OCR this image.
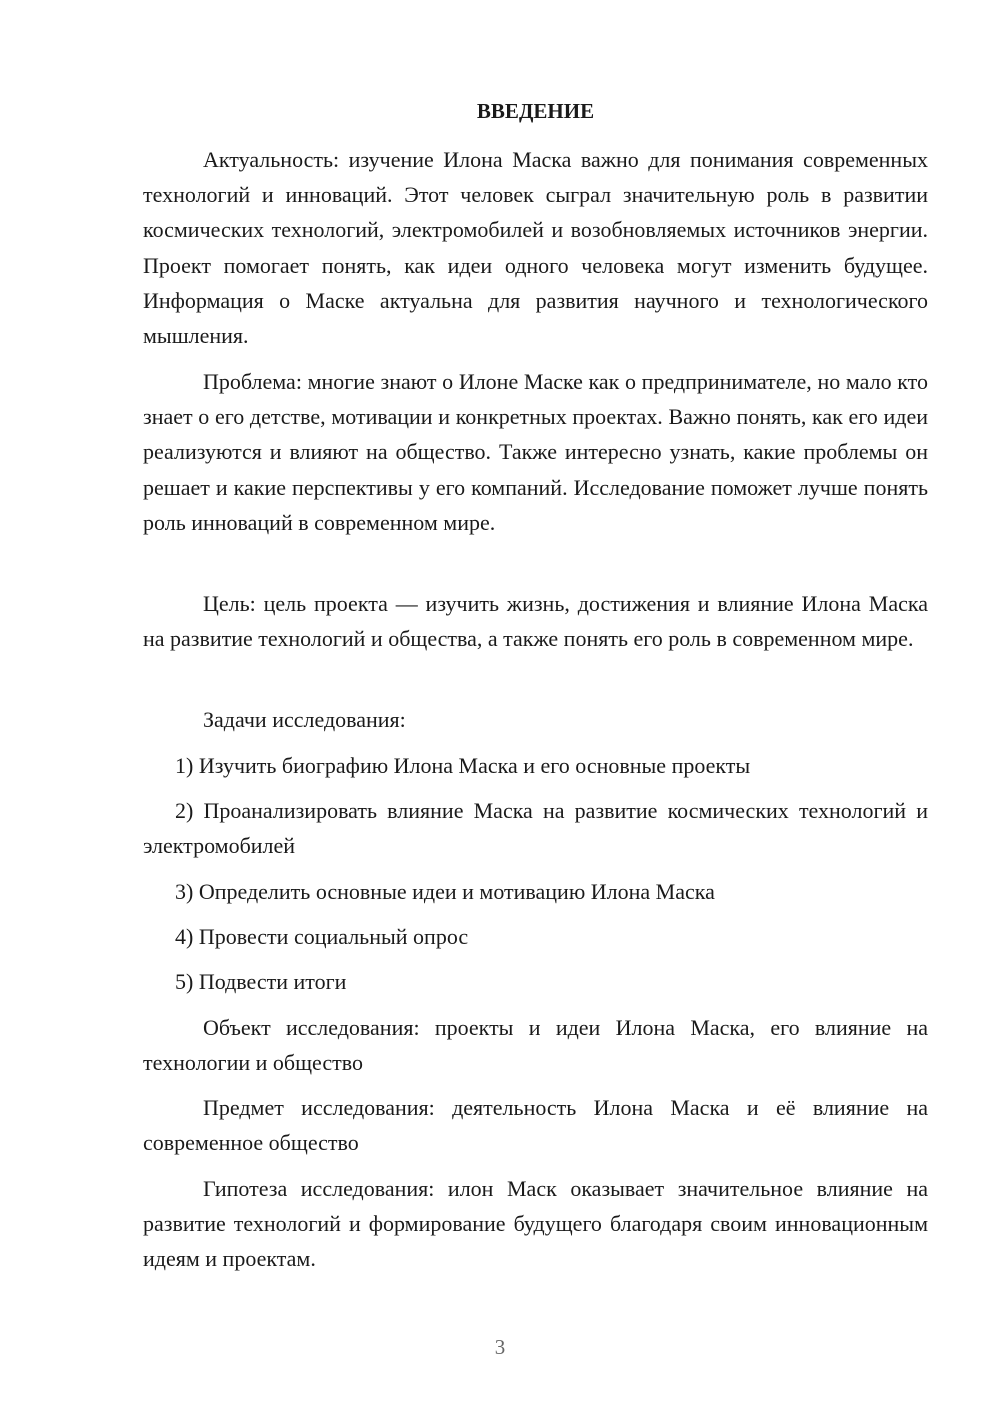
ВВЕДЕНИЕ

Актуальность: изучение Илона Маска важно для понимания современных технологий и инноваций. Этот человек сыграл значительную роль в развитии космических технологий, электромобилей и возобновляемых источников энергии. Проект помогает понять, как идеи одного человека могут изменить будущее. Информация о Маске актуальна для развития научного и технологического мышления.

Проблема: многие знают о Илоне Маске как о предпринимателе, но мало кто знает о его детстве, мотивации и конкретных проектах. Важно понять, как его идеи реализуются и влияют на общество. Также интересно узнать, какие проблемы он решает и какие перспективы у его компаний. Исследование поможет лучше понять роль инноваций в современном мире.

Цель: цель проекта — изучить жизнь, достижения и влияние Илона Маска на развитие технологий и общества, а также понять его роль в современном мире.

Задачи исследования:

1) Изучить биографию Илона Маска и его основные проекты

2) Проанализировать влияние Маска на развитие космических технологий и электромобилей

3) Определить основные идеи и мотивацию Илона Маска

4) Провести социальный опрос

5) Подвести итоги

Объект исследования: проекты и идеи Илона Маска, его влияние на технологии и общество

Предмет исследования: деятельность Илона Маска и её влияние на современное общество

Гипотеза исследования: илон Маск оказывает значительное влияние на развитие технологий и формирование будущего благодаря своим инновационным идеям и проектам.

3
